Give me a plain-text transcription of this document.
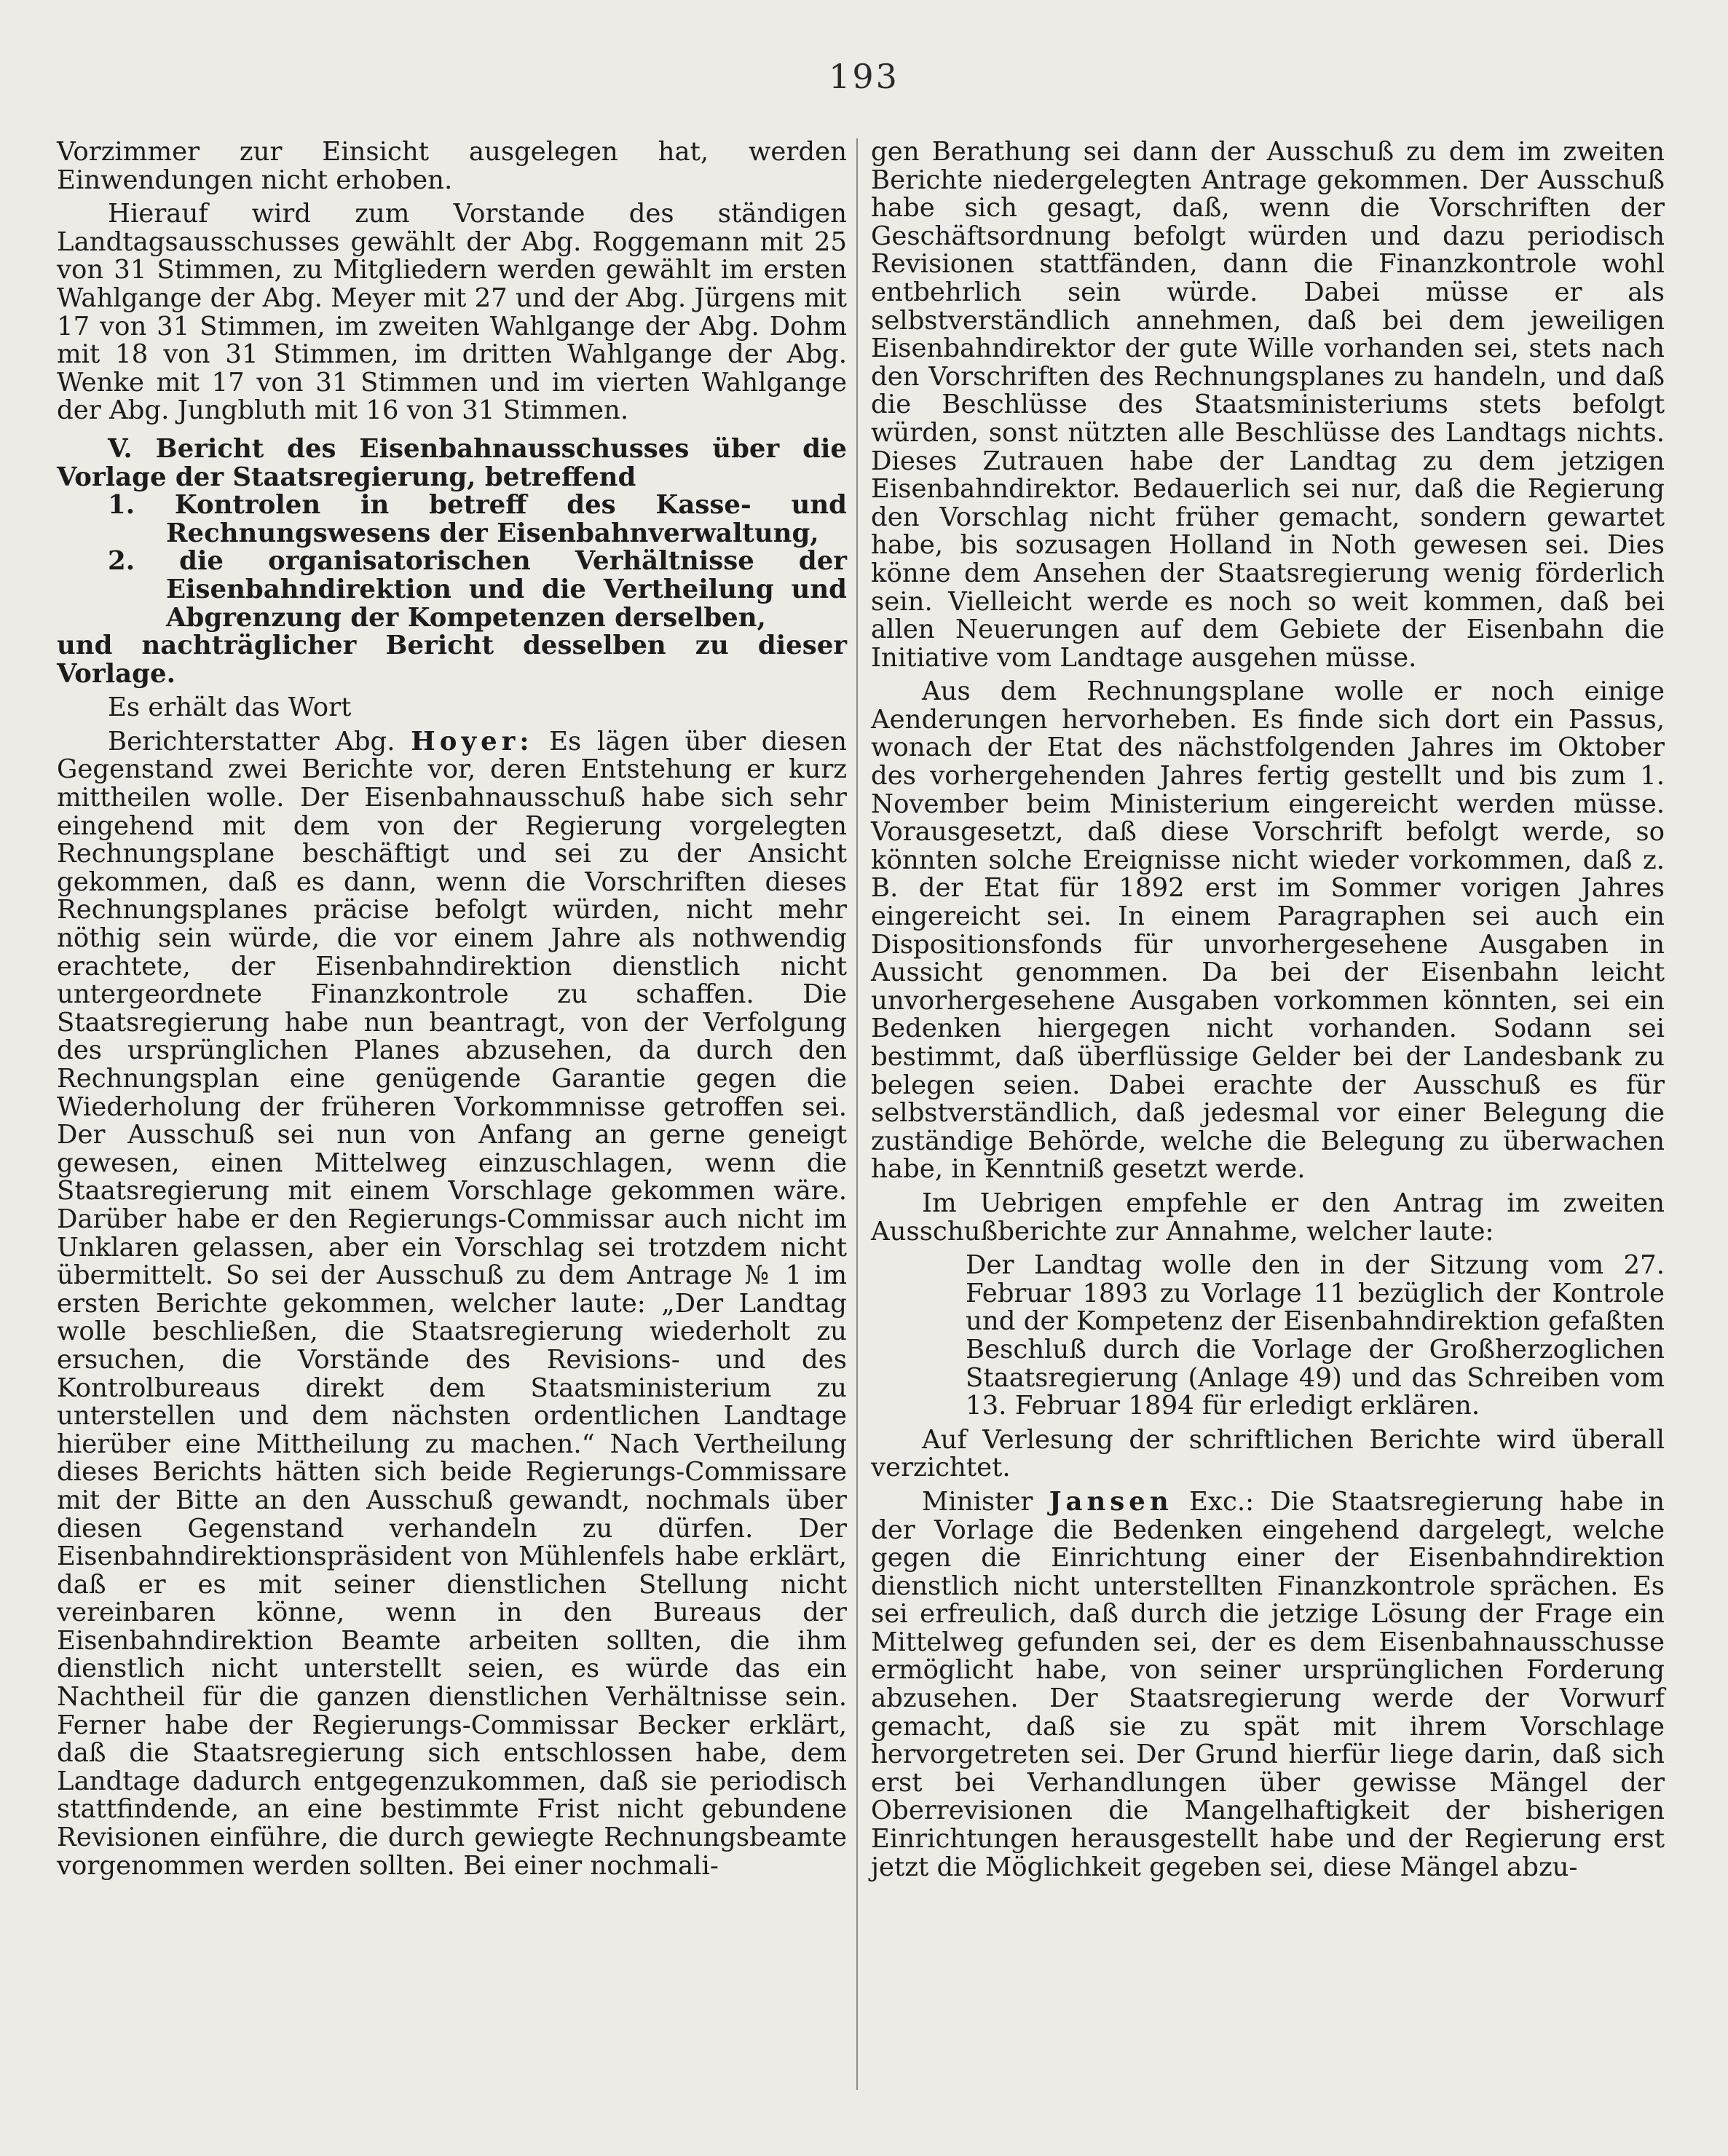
193

Vorzimmer zur Einsicht ausgelegen hat, werden Einwendungen nicht erhoben.

Hierauf wird zum Vorstande des ständigen Landtagsausschusses gewählt der Abg. Roggemann mit 25 von 31 Stimmen, zu Mitgliedern werden gewählt im ersten Wahlgange der Abg. Meyer mit 27 und der Abg. Jürgens mit 17 von 31 Stimmen, im zweiten Wahlgange der Abg. Dohm mit 18 von 31 Stimmen, im dritten Wahlgange der Abg. Wenke mit 17 von 31 Stimmen und im vierten Wahlgange der Abg. Jungbluth mit 16 von 31 Stimmen.

V. Bericht des Eisenbahnausschusses über die Vorlage der Staatsregierung, betreffend
1. Kontrolen in betreff des Kasse- und Rechnungswesens der Eisenbahnverwaltung,
2. die organisatorischen Verhältnisse der Eisenbahndirektion und die Vertheilung und Abgrenzung der Kompetenzen derselben,
und nachträglicher Bericht desselben zu dieser Vorlage.

Es erhält das Wort

Berichterstatter Abg. Hoyer: Es lägen über diesen Gegenstand zwei Berichte vor, deren Entstehung er kurz mittheilen wolle. Der Eisenbahnausschuß habe sich sehr eingehend mit dem von der Regierung vorgelegten Rechnungsplane beschäftigt und sei zu der Ansicht gekommen, daß es dann, wenn die Vorschriften dieses Rechnungsplanes präcise befolgt würden, nicht mehr nöthig sein würde, die vor einem Jahre als nothwendig erachtete, der Eisenbahndirektion dienstlich nicht untergeordnete Finanzkontrole zu schaffen. Die Staatsregierung habe nun beantragt, von der Verfolgung des ursprünglichen Planes abzusehen, da durch den Rechnungsplan eine genügende Garantie gegen die Wiederholung der früheren Vorkommnisse getroffen sei. Der Ausschuß sei nun von Anfang an gerne geneigt gewesen, einen Mittelweg einzuschlagen, wenn die Staatsregierung mit einem Vorschlage gekommen wäre. Darüber habe er den Regierungs-Commissar auch nicht im Unklaren gelassen, aber ein Vorschlag sei trotzdem nicht übermittelt. So sei der Ausschuß zu dem Antrage № 1 im ersten Berichte gekommen, welcher laute: „Der Landtag wolle beschließen, die Staatsregierung wiederholt zu ersuchen, die Vorstände des Revisions- und des Kontrolbureaus direkt dem Staatsministerium zu unterstellen und dem nächsten ordentlichen Landtage hierüber eine Mittheilung zu machen.“ Nach Vertheilung dieses Berichts hätten sich beide Regierungs-Commissare mit der Bitte an den Ausschuß gewandt, nochmals über diesen Gegenstand verhandeln zu dürfen. Der Eisenbahndirektionspräsident von Mühlenfels habe erklärt, daß er es mit seiner dienstlichen Stellung nicht vereinbaren könne, wenn in den Bureaus der Eisenbahndirektion Beamte arbeiten sollten, die ihm dienstlich nicht unterstellt seien, es würde das ein Nachtheil für die ganzen dienstlichen Verhältnisse sein. Ferner habe der Regierungs-Commissar Becker erklärt, daß die Staatsregierung sich entschlossen habe, dem Landtage dadurch entgegenzukommen, daß sie periodisch stattfindende, an eine bestimmte Frist nicht gebundene Revisionen einführe, die durch gewiegte Rechnungsbeamte vorgenommen werden sollten. Bei einer nochmali-

gen Berathung sei dann der Ausschuß zu dem im zweiten Berichte niedergelegten Antrage gekommen. Der Ausschuß habe sich gesagt, daß, wenn die Vorschriften der Geschäftsordnung befolgt würden und dazu periodisch Revisionen stattfänden, dann die Finanzkontrole wohl entbehrlich sein würde. Dabei müsse er als selbstverständlich annehmen, daß bei dem jeweiligen Eisenbahndirektor der gute Wille vorhanden sei, stets nach den Vorschriften des Rechnungsplanes zu handeln, und daß die Beschlüsse des Staatsministeriums stets befolgt würden, sonst nützten alle Beschlüsse des Landtags nichts. Dieses Zutrauen habe der Landtag zu dem jetzigen Eisenbahndirektor. Bedauerlich sei nur, daß die Regierung den Vorschlag nicht früher gemacht, sondern gewartet habe, bis sozusagen Holland in Noth gewesen sei. Dies könne dem Ansehen der Staatsregierung wenig förderlich sein. Vielleicht werde es noch so weit kommen, daß bei allen Neuerungen auf dem Gebiete der Eisenbahn die Initiative vom Landtage ausgehen müsse.

Aus dem Rechnungsplane wolle er noch einige Aenderungen hervorheben. Es finde sich dort ein Passus, wonach der Etat des nächstfolgenden Jahres im Oktober des vorhergehenden Jahres fertig gestellt und bis zum 1. November beim Ministerium eingereicht werden müsse. Vorausgesetzt, daß diese Vorschrift befolgt werde, so könnten solche Ereignisse nicht wieder vorkommen, daß z. B. der Etat für 1892 erst im Sommer vorigen Jahres eingereicht sei. In einem Paragraphen sei auch ein Dispositionsfonds für unvorhergesehene Ausgaben in Aussicht genommen. Da bei der Eisenbahn leicht unvorhergesehene Ausgaben vorkommen könnten, sei ein Bedenken hiergegen nicht vorhanden. Sodann sei bestimmt, daß überflüssige Gelder bei der Landesbank zu belegen seien. Dabei erachte der Ausschuß es für selbstverständlich, daß jedesmal vor einer Belegung die zuständige Behörde, welche die Belegung zu überwachen habe, in Kenntniß gesetzt werde.

Im Uebrigen empfehle er den Antrag im zweiten Ausschußberichte zur Annahme, welcher laute:

Der Landtag wolle den in der Sitzung vom 27. Februar 1893 zu Vorlage 11 bezüglich der Kontrole und der Kompetenz der Eisenbahndirektion gefaßten Beschluß durch die Vorlage der Großherzoglichen Staatsregierung (Anlage 49) und das Schreiben vom 13. Februar 1894 für erledigt erklären.

Auf Verlesung der schriftlichen Berichte wird überall verzichtet.

Minister Jansen Exc.: Die Staatsregierung habe in der Vorlage die Bedenken eingehend dargelegt, welche gegen die Einrichtung einer der Eisenbahndirektion dienstlich nicht unterstellten Finanzkontrole sprächen. Es sei erfreulich, daß durch die jetzige Lösung der Frage ein Mittelweg gefunden sei, der es dem Eisenbahnausschusse ermöglicht habe, von seiner ursprünglichen Forderung abzusehen. Der Staatsregierung werde der Vorwurf gemacht, daß sie zu spät mit ihrem Vorschlage hervorgetreten sei. Der Grund hierfür liege darin, daß sich erst bei Verhandlungen über gewisse Mängel der Oberrevisionen die Mangelhaftigkeit der bisherigen Einrichtungen herausgestellt habe und der Regierung erst jetzt die Möglichkeit gegeben sei, diese Mängel abzu-
